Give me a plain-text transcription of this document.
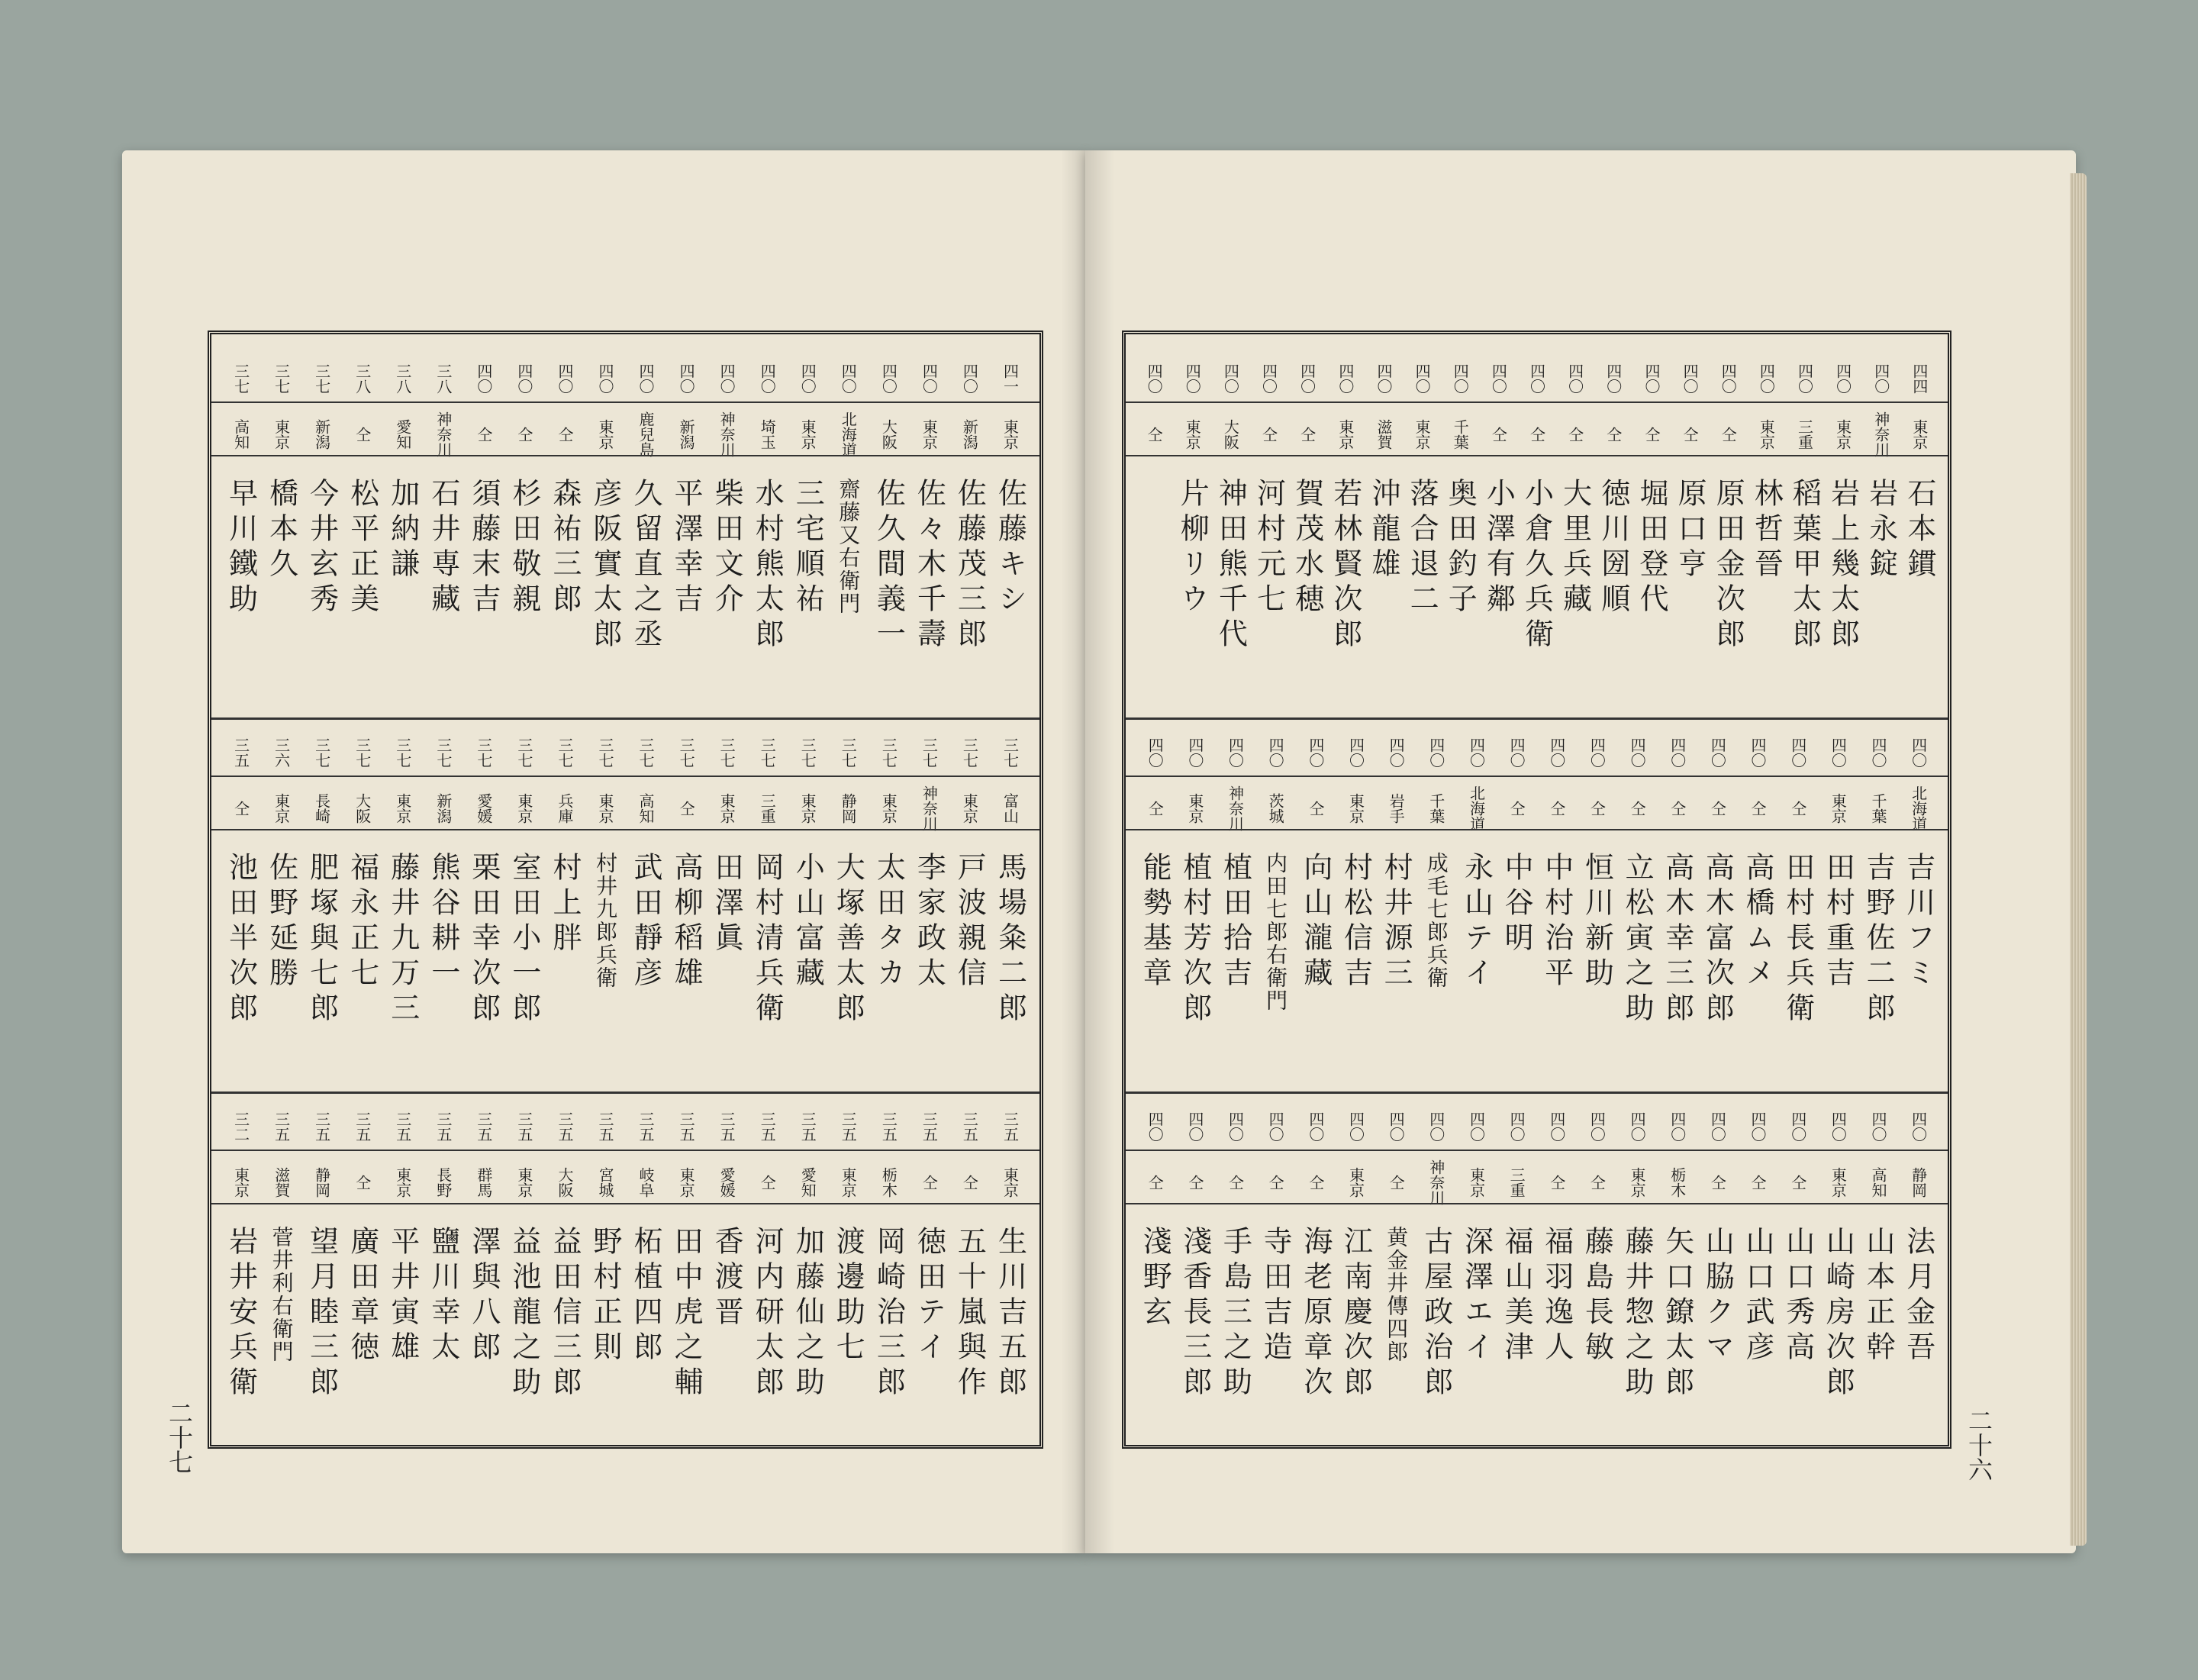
四一
東京
佐藤キシ
四〇
新潟
佐藤茂三郎
四〇
東京
佐々木千壽
四〇
大阪
佐久間義一
四〇
北海道
齋藤又右衛門
四〇
東京
三宅順祐
四〇
埼玉
水村熊太郎
四〇
神奈川
柴田文介
四〇
新潟
平澤幸吉
四〇
鹿兒島
久留直之丞
四〇
東京
彦阪實太郎
四〇
仝
森祐三郎
四〇
仝
杉田敬親
四〇
仝
須藤末吉
三八
神奈川
石井専藏
三八
愛知
加納謙
三八
仝
松平正美
三七
新潟
今井玄秀
三七
東京
橋本久
三七
高知
早川鐵助
三七
富山
馬場粂二郎
三七
東京
戸波親信
三七
神奈川
李家政太
三七
東京
太田タカ
三七
静岡
大塚善太郎
三七
東京
小山富藏
三七
三重
岡村清兵衛
三七
東京
田澤眞
三七
仝
高柳稻雄
三七
高知
武田靜彦
三七
東京
村井九郎兵衛
三七
兵庫
村上胖
三七
東京
室田小一郎
三七
愛媛
栗田幸次郎
三七
新潟
熊谷耕一
三七
東京
藤井九万三
三七
大阪
福永正七
三七
長崎
肥塚與七郎
三六
東京
佐野延勝
三五
仝
池田半次郎
三五
東京
生川吉五郎
三五
仝
五十嵐與作
三五
仝
徳田テイ
三五
栃木
岡崎治三郎
三五
東京
渡邊助七
三五
愛知
加藤仙之助
三五
仝
河内研太郎
三五
愛媛
香渡晋
三五
東京
田中虎之輔
三五
岐阜
柘植四郎
三五
宮城
野村正則
三五
大阪
益田信三郎
三五
東京
益池龍之助
三五
群馬
澤與八郎
三五
長野
鹽川幸太
三五
東京
平井寅雄
三五
仝
廣田章徳
三五
静岡
望月睦三郎
三五
滋賀
菅井利右衛門
三二
東京
岩井安兵衛
四四
東京
石本鏆
四〇
神奈川
岩永錠
四〇
東京
岩上幾太郎
四〇
三重
稻葉甲太郎
四〇
東京
林哲晉
四〇
仝
原田金次郎
四〇
仝
原口亨
四〇
仝
堀田登代
四〇
仝
徳川圀順
四〇
仝
大里兵藏
四〇
仝
小倉久兵衛
四〇
仝
小澤有鄰
四〇
千葉
奥田釣子
四〇
東京
落合退二
四〇
滋賀
沖龍雄
四〇
東京
若林賢次郎
四〇
仝
賀茂水穂
四〇
仝
河村元七
四〇
大阪
神田熊千代
四〇
東京
片柳リウ
四〇
仝
四〇
北海道
吉川フミ
四〇
千葉
吉野佐二郎
四〇
東京
田村重吉
四〇
仝
田村長兵衛
四〇
仝
高橋ムメ
四〇
仝
高木富次郎
四〇
仝
高木幸三郎
四〇
仝
立松寅之助
四〇
仝
恒川新助
四〇
仝
中村治平
四〇
仝
中谷明
四〇
北海道
永山テイ
四〇
千葉
成毛七郎兵衛
四〇
岩手
村井源三
四〇
東京
村松信吉
四〇
仝
向山瀧藏
四〇
茨城
内田七郎右衛門
四〇
神奈川
植田拾吉
四〇
東京
植村芳次郎
四〇
仝
能勢基章
四〇
静岡
法月金吾
四〇
高知
山本正幹
四〇
東京
山崎房次郎
四〇
仝
山口秀高
四〇
仝
山口武彦
四〇
仝
山脇クマ
四〇
栃木
矢口鐐太郎
四〇
東京
藤井惣之助
四〇
仝
藤島長敏
四〇
仝
福羽逸人
四〇
三重
福山美津
四〇
東京
深澤エイ
四〇
神奈川
古屋政治郎
四〇
仝
黄金井傳四郎
四〇
東京
江南慶次郎
四〇
仝
海老原章次
四〇
仝
寺田吉造
四〇
仝
手島三之助
四〇
仝
淺香長三郎
四〇
仝
淺野玄
二十七	二十六
